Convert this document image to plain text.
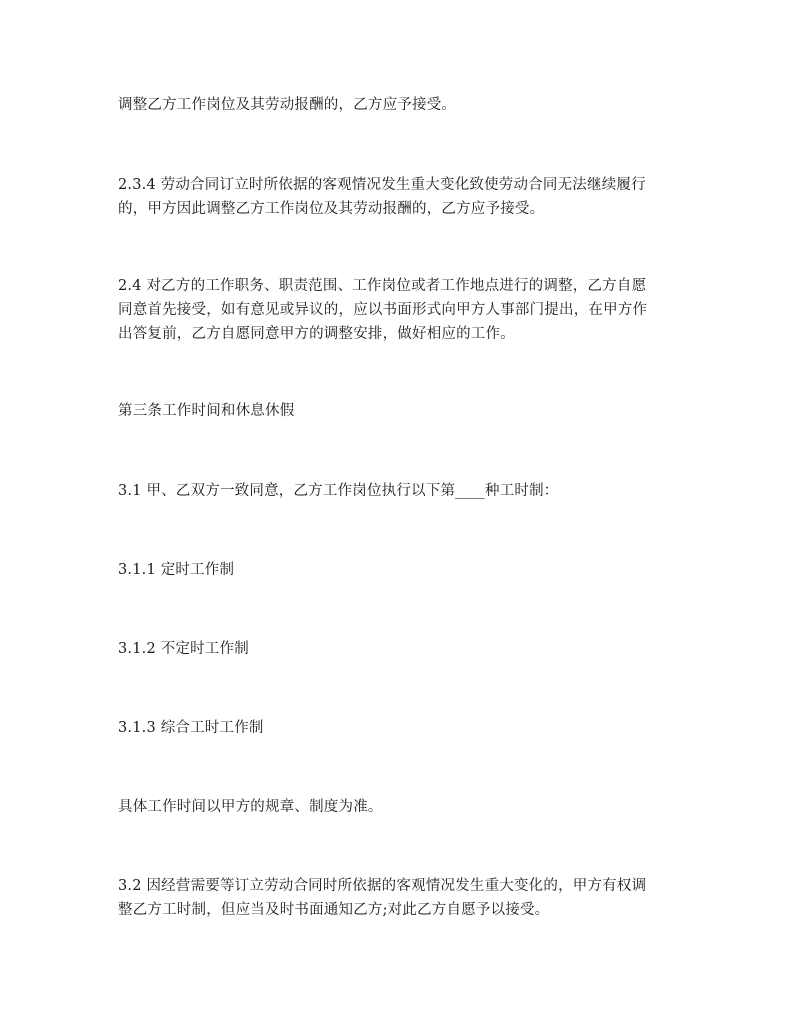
调整乙方工作岗位及其劳动报酬的，乙方应予接受。

2.3.4 劳动合同订立时所依据的客观情况发生重大变化致使劳动合同无法继续履行
的，甲方因此调整乙方工作岗位及其劳动报酬的，乙方应予接受。

2.4 对乙方的工作职务、职责范围、工作岗位或者工作地点进行的调整，乙方自愿
同意首先接受，如有意见或异议的，应以书面形式向甲方人事部门提出，在甲方作
出答复前，乙方自愿同意甲方的调整安排，做好相应的工作。

第三条工作时间和休息休假

3.1 甲、乙双方一致同意，乙方工作岗位执行以下第____种工时制：

3.1.1 定时工作制

3.1.2 不定时工作制

3.1.3 综合工时工作制

具体工作时间以甲方的规章、制度为准。

3.2 因经营需要等订立劳动合同时所依据的客观情况发生重大变化的，甲方有权调
整乙方工时制，但应当及时书面通知乙方;对此乙方自愿予以接受。
